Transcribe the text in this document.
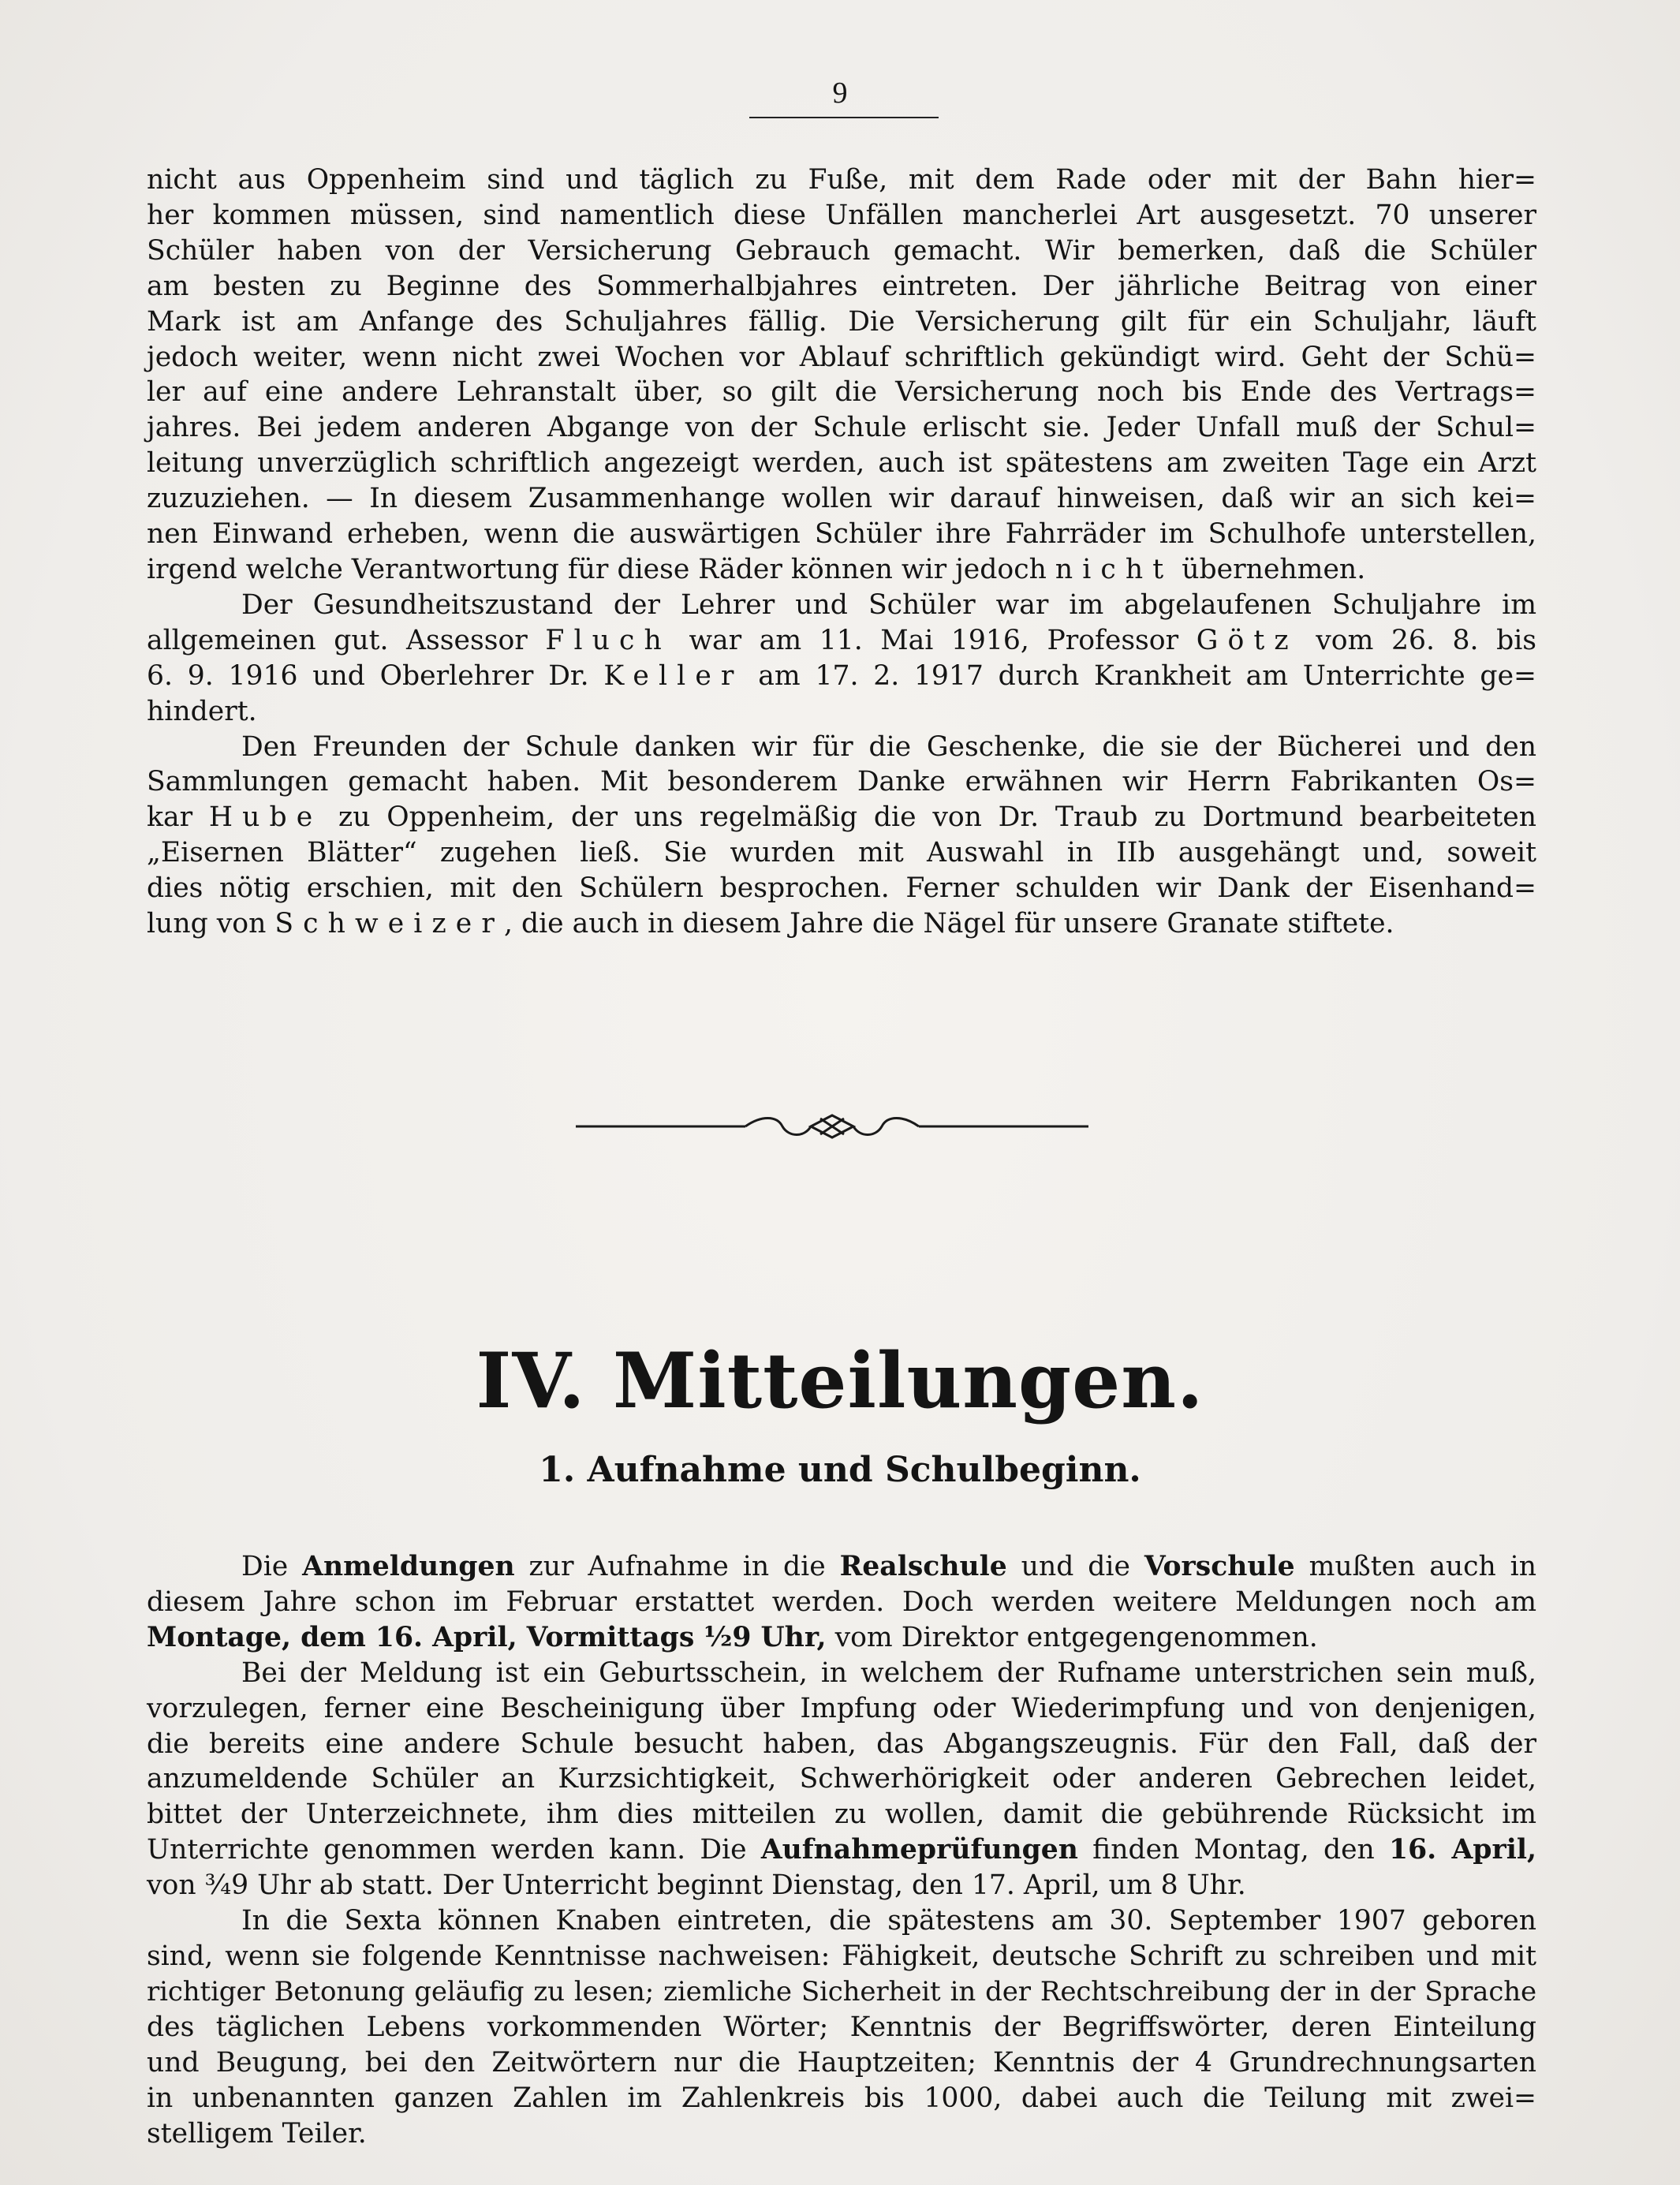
9

nicht aus Oppenheim sind und täglich zu Fuße, mit dem Rade oder mit der Bahn hier=

her kommen müssen, sind namentlich diese Unfällen mancherlei Art ausgesetzt. 70 unserer

Schüler haben von der Versicherung Gebrauch gemacht. Wir bemerken, daß die Schüler

am besten zu Beginne des Sommerhalbjahres eintreten. Der jährliche Beitrag von einer

Mark ist am Anfange des Schuljahres fällig. Die Versicherung gilt für ein Schuljahr, läuft

jedoch weiter, wenn nicht zwei Wochen vor Ablauf schriftlich gekündigt wird. Geht der Schü=

ler auf eine andere Lehranstalt über, so gilt die Versicherung noch bis Ende des Vertrags=

jahres. Bei jedem anderen Abgange von der Schule erlischt sie. Jeder Unfall muß der Schul=

leitung unverzüglich schriftlich angezeigt werden, auch ist spätestens am zweiten Tage ein Arzt

zuzuziehen. — In diesem Zusammenhange wollen wir darauf hinweisen, daß wir an sich kei=

nen Einwand erheben, wenn die auswärtigen Schüler ihre Fahrräder im Schulhofe unterstellen,

irgend welche Verantwortung für diese Räder können wir jedoch nicht übernehmen.

Der Gesundheitszustand der Lehrer und Schüler war im abgelaufenen Schuljahre im

allgemeinen gut. Assessor Fluch war am 11. Mai 1916, Professor Götz vom 26. 8. bis

6. 9. 1916 und Oberlehrer Dr. Keller am 17. 2. 1917 durch Krankheit am Unterrichte ge=

hindert.

Den Freunden der Schule danken wir für die Geschenke, die sie der Bücherei und den

Sammlungen gemacht haben. Mit besonderem Danke erwähnen wir Herrn Fabrikanten Os=

kar Hube zu Oppenheim, der uns regelmäßig die von Dr. Traub zu Dortmund bearbeiteten

„Eisernen Blätter“ zugehen ließ. Sie wurden mit Auswahl in IIb ausgehängt und, soweit

dies nötig erschien, mit den Schülern besprochen. Ferner schulden wir Dank der Eisenhand=

lung von Schweizer, die auch in diesem Jahre die Nägel für unsere Granate stiftete.

IV. Mitteilungen.
1. Aufnahme und Schulbeginn.

Die Anmeldungen zur Aufnahme in die Realschule und die Vorschule mußten auch in

diesem Jahre schon im Februar erstattet werden. Doch werden weitere Meldungen noch am

Montage, dem 16. April, Vormittags ½9 Uhr, vom Direktor entgegengenommen.

Bei der Meldung ist ein Geburtsschein, in welchem der Rufname unterstrichen sein muß,

vorzulegen, ferner eine Bescheinigung über Impfung oder Wiederimpfung und von denjenigen,

die bereits eine andere Schule besucht haben, das Abgangszeugnis. Für den Fall, daß der

anzumeldende Schüler an Kurzsichtigkeit, Schwerhörigkeit oder anderen Gebrechen leidet,

bittet der Unterzeichnete, ihm dies mitteilen zu wollen, damit die gebührende Rücksicht im

Unterrichte genommen werden kann. Die Aufnahmeprüfungen finden Montag, den 16. April,

von ¾9 Uhr ab statt. Der Unterricht beginnt Dienstag, den 17. April, um 8 Uhr.

In die Sexta können Knaben eintreten, die spätestens am 30. September 1907 geboren

sind, wenn sie folgende Kenntnisse nachweisen: Fähigkeit, deutsche Schrift zu schreiben und mit

richtiger Betonung geläufig zu lesen; ziemliche Sicherheit in der Rechtschreibung der in der Sprache

des täglichen Lebens vorkommenden Wörter; Kenntnis der Begriffswörter, deren Einteilung

und Beugung, bei den Zeitwörtern nur die Hauptzeiten; Kenntnis der 4 Grundrechnungsarten

in unbenannten ganzen Zahlen im Zahlenkreis bis 1000, dabei auch die Teilung mit zwei=

stelligem Teiler.
